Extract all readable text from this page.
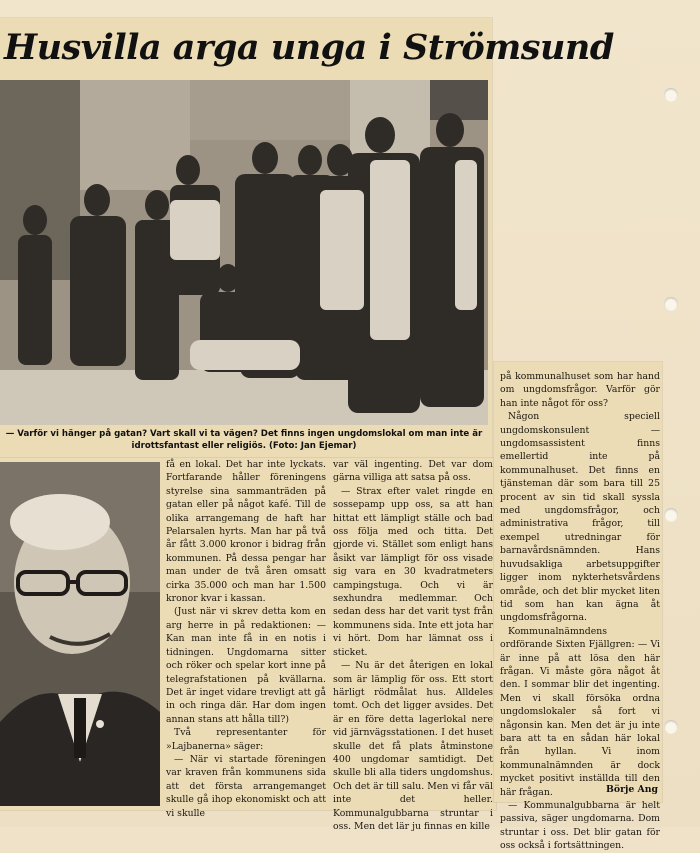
Husvilla arga unga i Strömsund
— Varför vi hänger på gatan? Vart skall vi ta vägen? Det finns ingen ungdomslokal om man inte är idrottsfantast eller religiös. (Foto: Jan Ejemar)

få en lokal. Det har inte lyckats. Fortfarande håller föreningens styrelse sina sammanträden på gatan eller på något kafé. Till de olika arrangemang de haft har Pelarsalen hyrts. Man har på två år fått 3.000 kronor i bidrag från kommunen. På dessa pengar har man under de två åren omsatt cirka 35.000 och man har 1.500 kronor kvar i kassan.

(Just när vi skrev detta kom en arg herre in på redaktionen: — Kan man inte få in en notis i tidningen. Ungdomarna sitter och röker och spelar kort inne på telegrafstationen på kvällarna. Det är inget vidare trevligt att gå in och ringa där. Har dom ingen annan stans att hålla till?)

Två representanter för »Lajbanerna» säger:

— När vi startade föreningen var kraven från kommunens sida att det första arrangemanget skulle gå ihop ekonomiskt och att vi skulle

var väl ingenting. Det var dom gärna villiga att satsa på oss.

— Strax efter valet ringde en sossepamp upp oss, sa att han hittat ett lämpligt ställe och bad oss följa med och titta. Det gjorde vi. Stället som enligt hans åsikt var lämpligt för oss visade sig vara en 30 kvadratmeters campingstuga. Och vi är sexhundra medlemmar. Och sedan dess har det varit tyst från kommunens sida. Inte ett jota har vi hört. Dom har lämnat oss i sticket.

— Nu är det återigen en lokal som är lämplig för oss. Ett stort härligt rödmålat hus. Alldeles tomt. Och det ligger avsides. Det är en före detta lagerlokal nere vid järnvägsstationen. I det huset skulle det få plats åtminstone 400 ungdomar samtidigt. Det skulle bli alla tiders ungdomshus. Och det är till salu. Men vi får väl inte det heller. Kommunalgubbarna struntar i oss. Men det lär ju finnas en kille

på kommunalhuset som har hand om ungdomsfrågor. Varför gör han inte något för oss?

Någon speciell ungdomskonsulent — ungdomsassistent finns emellertid inte på kommunalhuset. Det finns en tjänsteman där som bara till 25 procent av sin tid skall syssla med ungdomsfrågor, och administrativa frågor, till exempel utredningar för barnavårdsnämnden. Hans huvudsakliga arbetsuppgifter ligger inom nykterhetsvårdens område, och det blir mycket liten tid som han kan ägna åt ungdomsfrågorna.

Kommunalnämndens ordförande Sixten Fjällgren: — Vi är inne på att lösa den här frågan. Vi måste göra något åt den. I sommar blir det ingenting. Men vi skall försöka ordna ungdomslokaler så fort vi någonsin kan. Men det är ju inte bara att ta en sådan här lokal från hyllan. Vi inom kommunalnämnden är dock mycket positivt inställda till den här frågan.

— Kommunalgubbarna är helt passiva, säger ungdomarna. Dom struntar i oss. Det blir gatan för oss också i fortsättningen.

Börje Ang
